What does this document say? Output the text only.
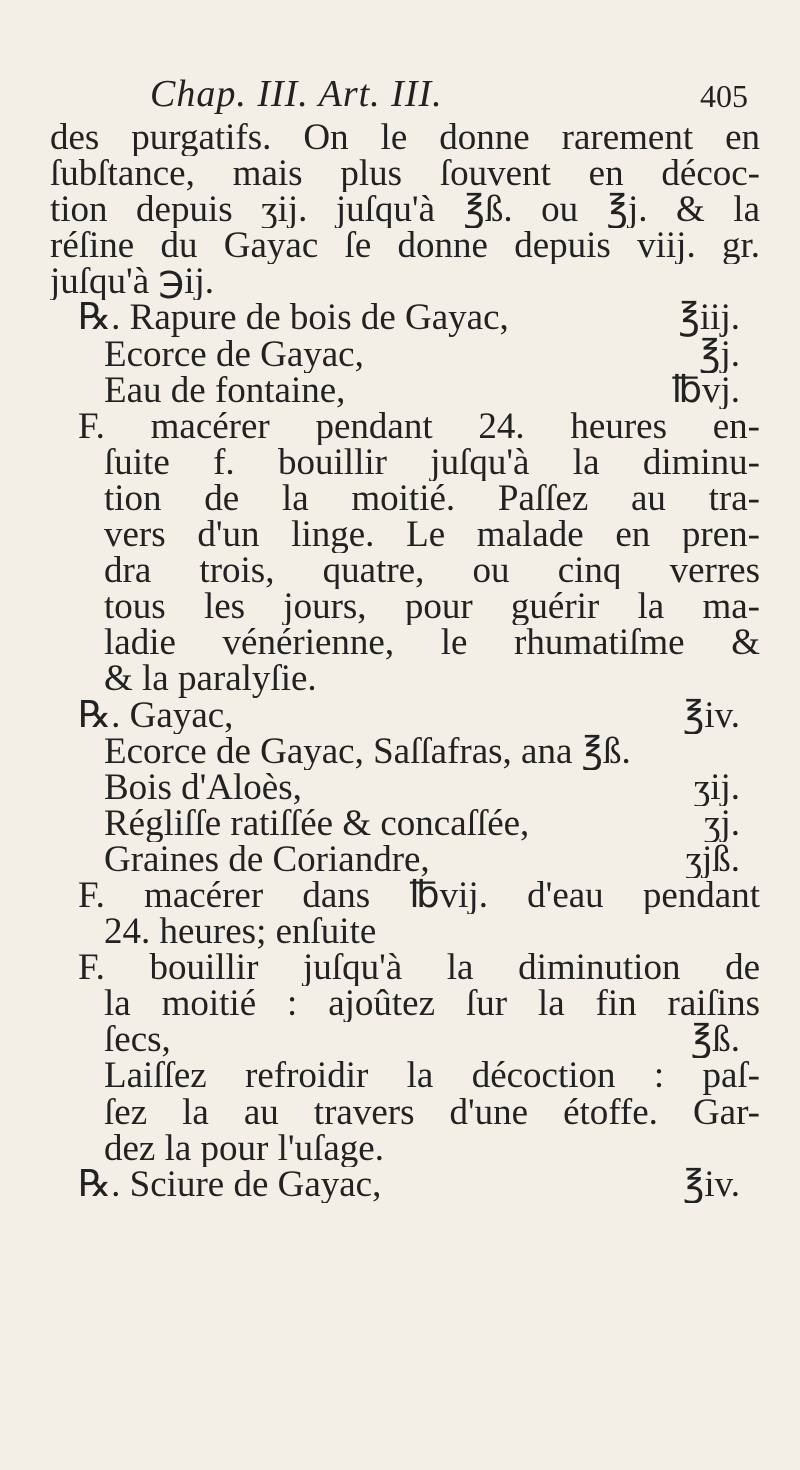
Chap. III. Art. III.	405
des purgatifs. On le donne rarement en
ſubſtance, mais plus ſouvent en décoc-
tion depuis ʒij. juſqu'à ℥ß. ou ℥j. & la
réſine du Gayac ſe donne depuis viij. gr.
juſqu'à ℈ij.
℞. Rapure de bois de Gayac,	℥iij.
Ecorce de Gayac,	℥j.
Eau de fontaine,	℔vj.
F. macérer pendant 24. heures en-
ſuite f. bouillir juſqu'à la diminu-
tion de la moitié. Paſſez au tra-
vers d'un linge. Le malade en pren-
dra trois, quatre, ou cinq verres
tous les jours, pour guérir la ma-
ladie vénérienne, le rhumatiſme &
& la paralyſie.
℞. Gayac,	℥iv.
Ecorce de Gayac, Saſſafras, ana ℥ß.
Bois d'Aloès,	ʒij.
Régliſſe ratiſſée & concaſſée,	ʒj.
Graines de Coriandre,	ʒjß.
F. macérer dans ℔vij. d'eau pendant
24. heures; enſuite
F. bouillir juſqu'à la diminution de
la moitié : ajoûtez ſur la fin raiſins
ſecs,	℥ß.
Laiſſez refroidir la décoction : paſ-
ſez la au travers d'une étoffe. Gar-
dez la pour l'uſage.
℞. Sciure de Gayac,	℥iv.
